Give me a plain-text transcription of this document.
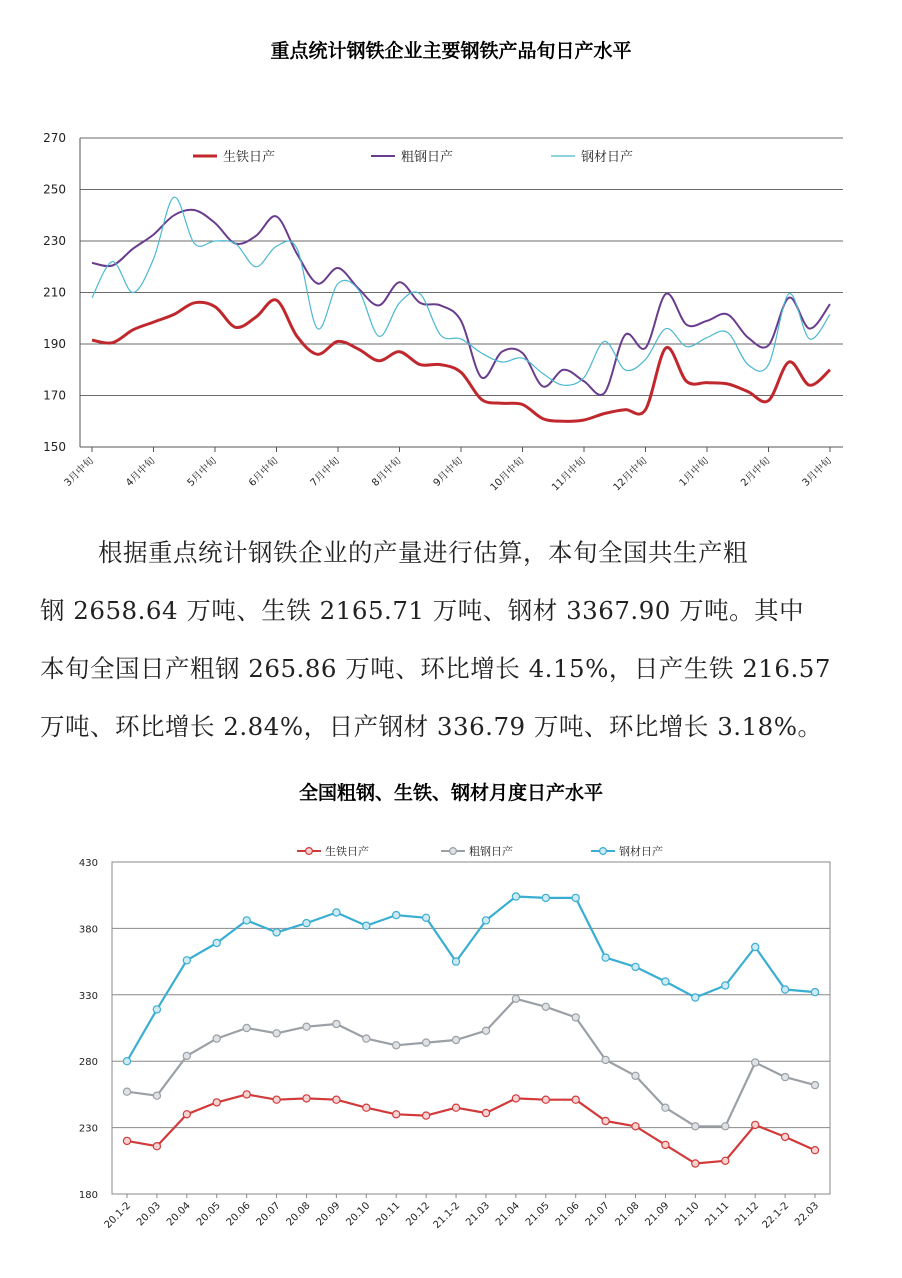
重点统计钢铁企业主要钢铁产品旬日产水平
270
250
230
210
190
170
150
3月中旬	4月中旬	5月中旬	6月中旬	7月中旬	8月中旬	9月中旬 10月中旬 11月中旬 12月中旬	1月中旬	2月中旬	3月中旬
生铁日产	粗钢日产	钢材日产

根据重点统计钢铁企业的产量进行估算，本旬全国共生产粗

钢 2658.64 万吨、生铁 2165.71 万吨、钢材 3367.90 万吨。其中

本旬全国日产粗钢 265.86 万吨、环比增长 4.15%，日产生铁 216.57

万吨、环比增长 2.84%，日产钢材 336.79 万吨、环比增长 3.18%。

全国粗钢、生铁、钢材月度日产水平
430
380
330
280
230
180
20.1-2 20.03 20.04 20.05 20.06 20.07 20.08 20.09 20.10 20.11 20.12 21.1-2 21.03 21.04 21.05 21.06 21.07 21.08 21.09 21.10 21.11 21.12 22.1-2 22.03
生铁日产	粗钢日产	钢材日产
